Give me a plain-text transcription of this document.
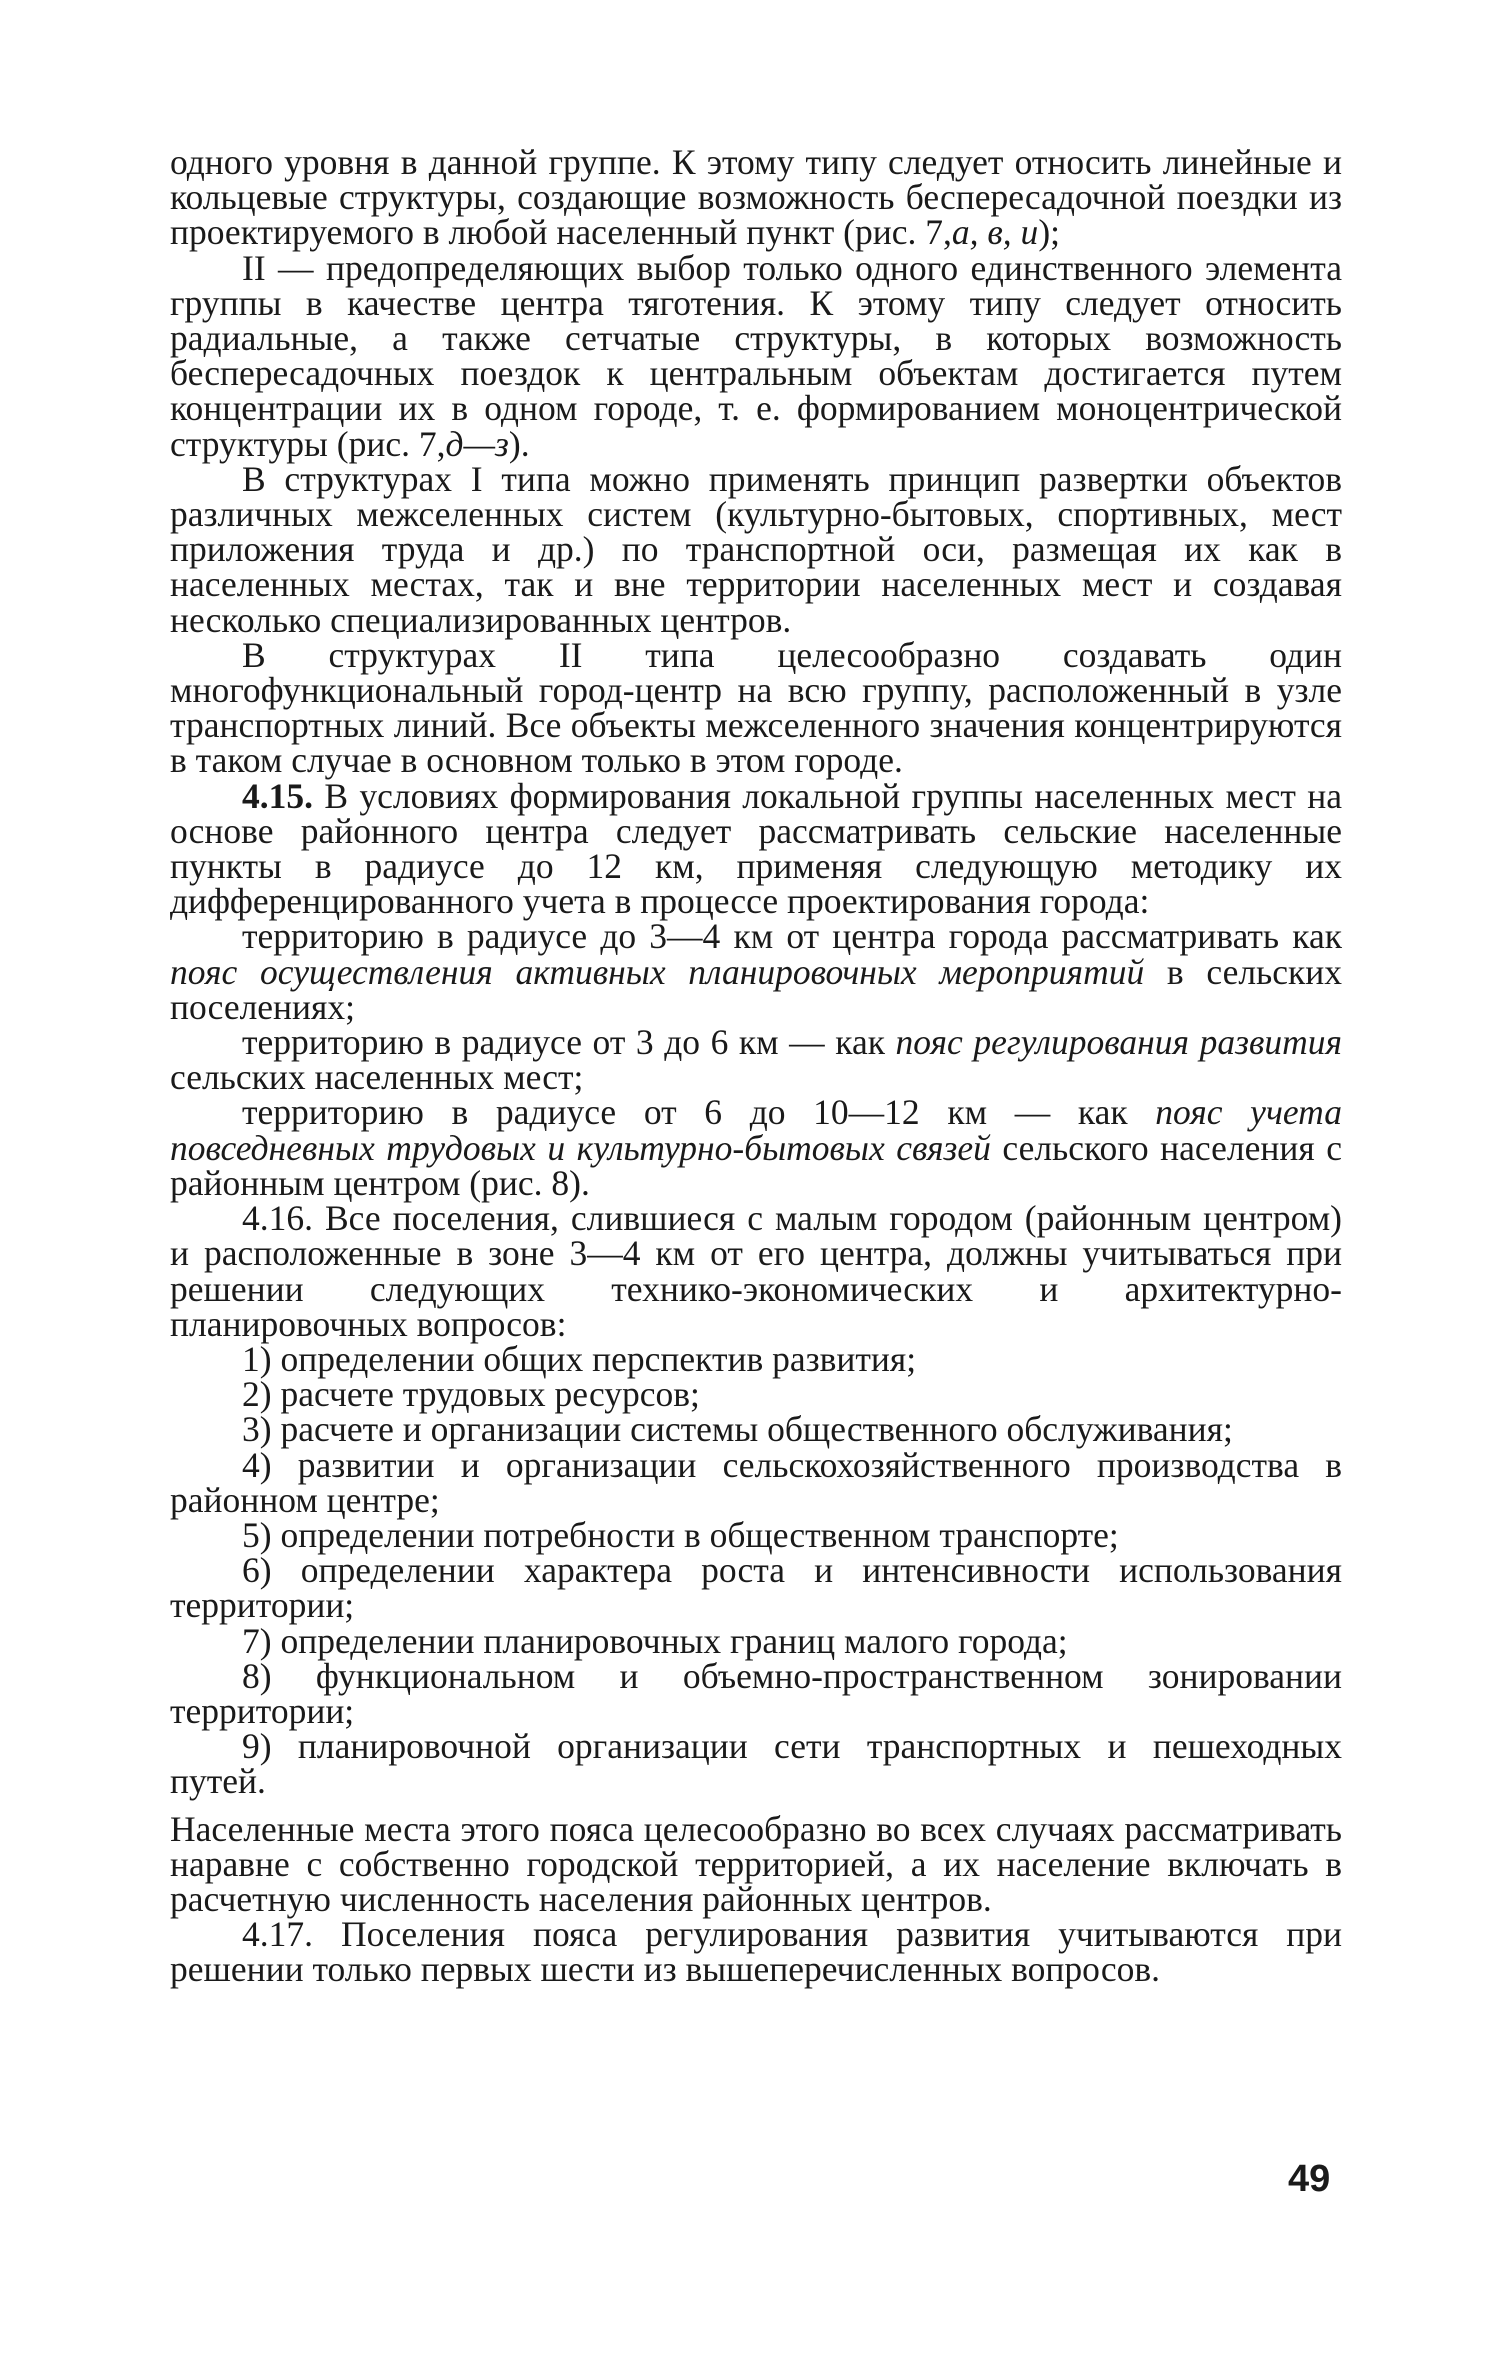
одного уровня в данной группе. К этому типу следует относить линейные и кольцевые структуры, создающие возможность беспересадочной поездки из проектируемого в любой населенный пункт (рис. 7,а, в, и);

II — предопределяющих выбор только одного единственного элемента группы в качестве центра тяготения. К этому типу следует относить радиальные, а также сетчатые структуры, в которых возможность беспересадочных поездок к центральным объектам достигается путем концентрации их в одном городе, т. е. формированием моноцентрической структуры (рис. 7,д—з).

В структурах I типа можно применять принцип развертки объектов различных межселенных систем (культурно-бытовых, спортивных, мест приложения труда и др.) по транспортной оси, размещая их как в населенных местах, так и вне территории населенных мест и создавая несколько специализированных центров.

В структурах II типа целесообразно создавать один многофункциональный город-центр на всю группу, расположенный в узле транспортных линий. Все объекты межселенного значения концентрируются в таком случае в основном только в этом городе.

4.15. В условиях формирования локальной группы населенных мест на основе районного центра следует рассматривать сельские населенные пункты в радиусе до 12 км, применяя следующую методику их дифференцированного учета в процессе проектирования города:

территорию в радиусе до 3—4 км от центра города рассматривать как пояс осуществления активных планировочных мероприятий в сельских поселениях;

территорию в радиусе от 3 до 6 км — как пояс регулирования развития сельских населенных мест;

территорию в радиусе от 6 до 10—12 км — как пояс учета повседневных трудовых и культурно-бытовых связей сельского населения с районным центром (рис. 8).

4.16. Все поселения, слившиеся с малым городом (районным центром) и расположенные в зоне 3—4 км от его центра, должны учитываться при решении следующих технико-экономических и архитектурно-планировочных вопросов:

1) определении общих перспектив развития;

2) расчете трудовых ресурсов;

3) расчете и организации системы общественного обслуживания;

4) развитии и организации сельскохозяйственного производства в районном центре;

5) определении потребности в общественном транспорте;

6) определении характера роста и интенсивности использования территории;

7) определении планировочных границ малого города;

8) функциональном и объемно-пространственном зонировании территории;

9) планировочной организации сети транспортных и пешеходных путей.

Населенные места этого пояса целесообразно во всех случаях рассматривать наравне с собственно городской территорией, а их население включать в расчетную численность населения районных центров.

4.17. Поселения пояса регулирования развития учитываются при решении только первых шести из вышеперечисленных вопросов.

49
